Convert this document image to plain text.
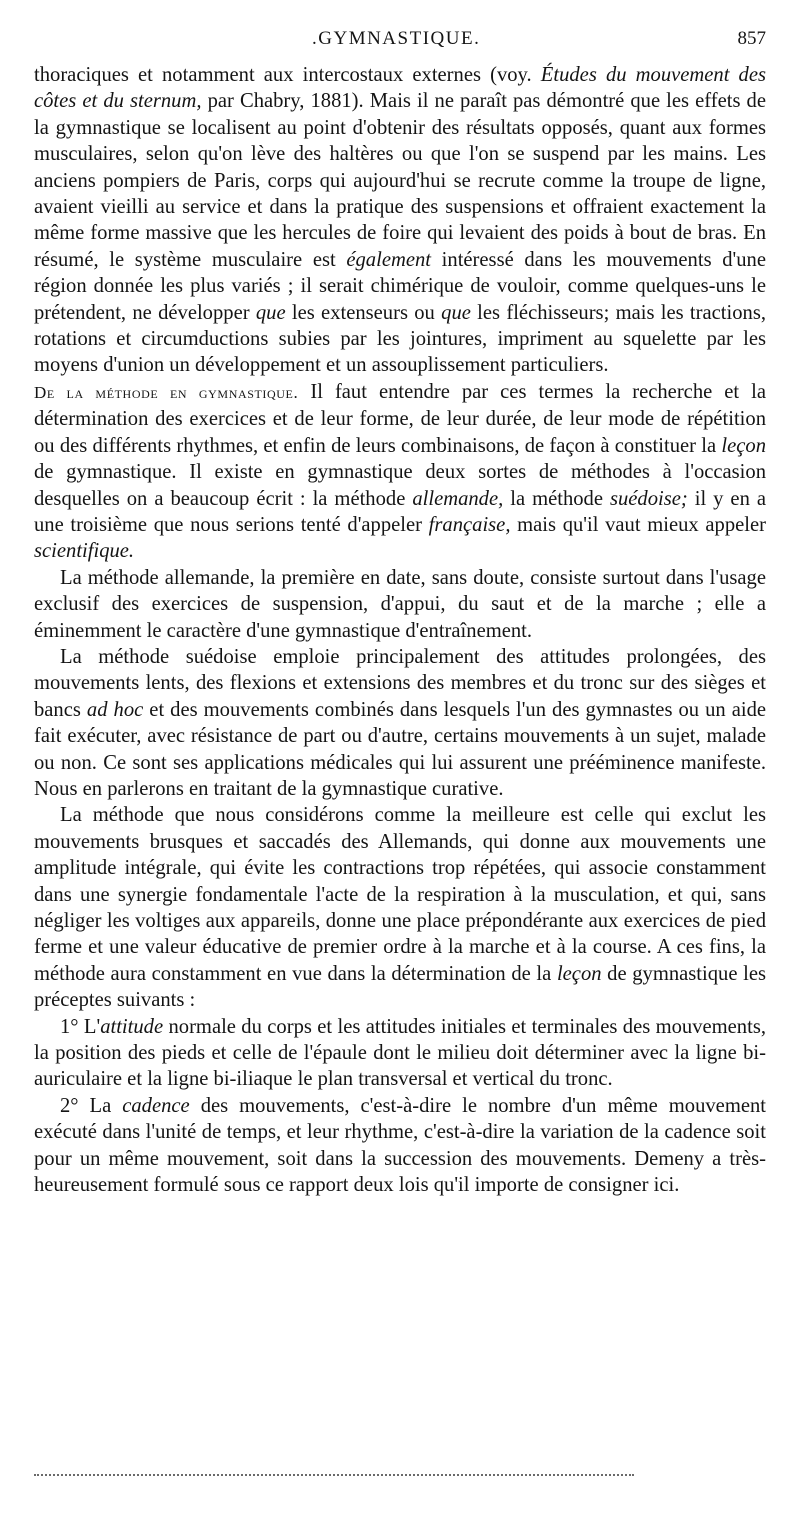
.GYMNASTIQUE.	857

thoraciques et notamment aux intercostaux externes (voy. Études du mouvement des côtes et du sternum, par Chabry, 1881). Mais il ne paraît pas démontré que les effets de la gymnastique se localisent au point d'obtenir des résultats opposés, quant aux formes musculaires, selon qu'on lève des haltères ou que l'on se suspend par les mains. Les anciens pompiers de Paris, corps qui aujourd'hui se recrute comme la troupe de ligne, avaient vieilli au service et dans la pratique des suspensions et offraient exactement la même forme massive que les hercules de foire qui levaient des poids à bout de bras. En résumé, le système musculaire est également intéressé dans les mouvements d'une région donnée les plus variés ; il serait chimérique de vouloir, comme quelques-uns le prétendent, ne développer que les extenseurs ou que les fléchisseurs; mais les tractions, rotations et circumductions subies par les jointures, impriment au squelette par les moyens d'union un développement et un assouplissement particuliers.

De la méthode en gymnastique. Il faut entendre par ces termes la recherche et la détermination des exercices et de leur forme, de leur durée, de leur mode de répétition ou des différents rhythmes, et enfin de leurs combinaisons, de façon à constituer la leçon de gymnastique. Il existe en gymnastique deux sortes de méthodes à l'occasion desquelles on a beaucoup écrit : la méthode allemande, la méthode suédoise; il y en a une troisième que nous serions tenté d'appeler française, mais qu'il vaut mieux appeler scientifique.

La méthode allemande, la première en date, sans doute, consiste surtout dans l'usage exclusif des exercices de suspension, d'appui, du saut et de la marche ; elle a éminemment le caractère d'une gymnastique d'entraînement.

La méthode suédoise emploie principalement des attitudes prolongées, des mouvements lents, des flexions et extensions des membres et du tronc sur des sièges et bancs ad hoc et des mouvements combinés dans lesquels l'un des gymnastes ou un aide fait exécuter, avec résistance de part ou d'autre, certains mouvements à un sujet, malade ou non. Ce sont ses applications médicales qui lui assurent une prééminence manifeste. Nous en parlerons en traitant de la gymnastique curative.

La méthode que nous considérons comme la meilleure est celle qui exclut les mouvements brusques et saccadés des Allemands, qui donne aux mouvements une amplitude intégrale, qui évite les contractions trop répétées, qui associe constamment dans une synergie fondamentale l'acte de la respiration à la musculation, et qui, sans négliger les voltiges aux appareils, donne une place prépondérante aux exercices de pied ferme et une valeur éducative de premier ordre à la marche et à la course. A ces fins, la méthode aura constamment en vue dans la détermination de la leçon de gymnastique les préceptes suivants :

1° L'attitude normale du corps et les attitudes initiales et terminales des mouvements, la position des pieds et celle de l'épaule dont le milieu doit déterminer avec la ligne bi-auriculaire et la ligne bi-iliaque le plan transversal et vertical du tronc.

2° La cadence des mouvements, c'est-à-dire le nombre d'un même mouvement exécuté dans l'unité de temps, et leur rhythme, c'est-à-dire la variation de la cadence soit pour un même mouvement, soit dans la succession des mouvements. Demeny a très-heureusement formulé sous ce rapport deux lois qu'il importe de consigner ici.
